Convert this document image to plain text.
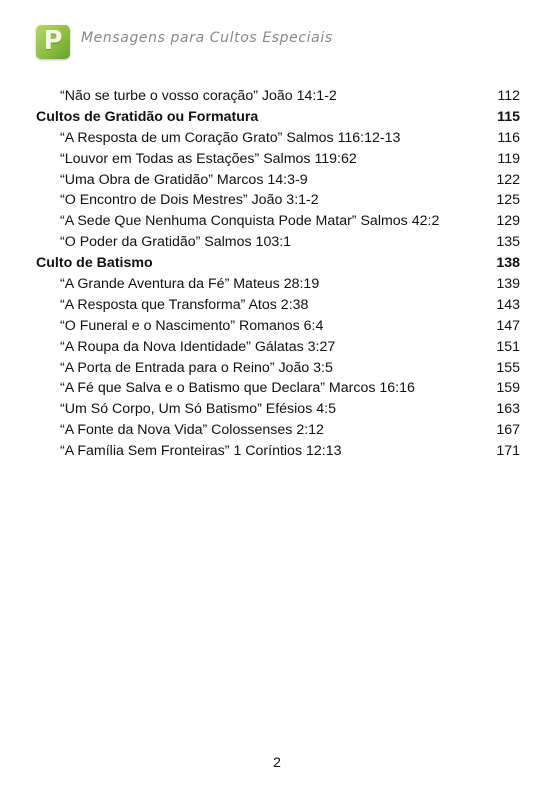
P Mensagens para Cultos Especiais
“Não se turbe o vosso coração” João 14:1-2	112
Cultos de Gratidão ou Formatura	115
“A Resposta de um Coração Grato” Salmos 116:12-13	116
“Louvor em Todas as Estações” Salmos 119:62	119
“Uma Obra de Gratidão” Marcos 14:3-9	122
“O Encontro de Dois Mestres” João 3:1-2	125
“A Sede Que Nenhuma Conquista Pode Matar” Salmos 42:2	129
“O Poder da Gratidão” Salmos 103:1	135
Culto de Batismo	138
“A Grande Aventura da Fé” Mateus 28:19	139
“A Resposta que Transforma” Atos 2:38	143
“O Funeral e o Nascimento” Romanos 6:4	147
“A Roupa da Nova Identidade” Gálatas 3:27	151
“A Porta de Entrada para o Reino” João 3:5	155
“A Fé que Salva e o Batismo que Declara” Marcos 16:16	159
“Um Só Corpo, Um Só Batismo” Efésios 4:5	163
“A Fonte da Nova Vida” Colossenses 2:12	167
“A Família Sem Fronteiras” 1 Coríntios 12:13	171
2
